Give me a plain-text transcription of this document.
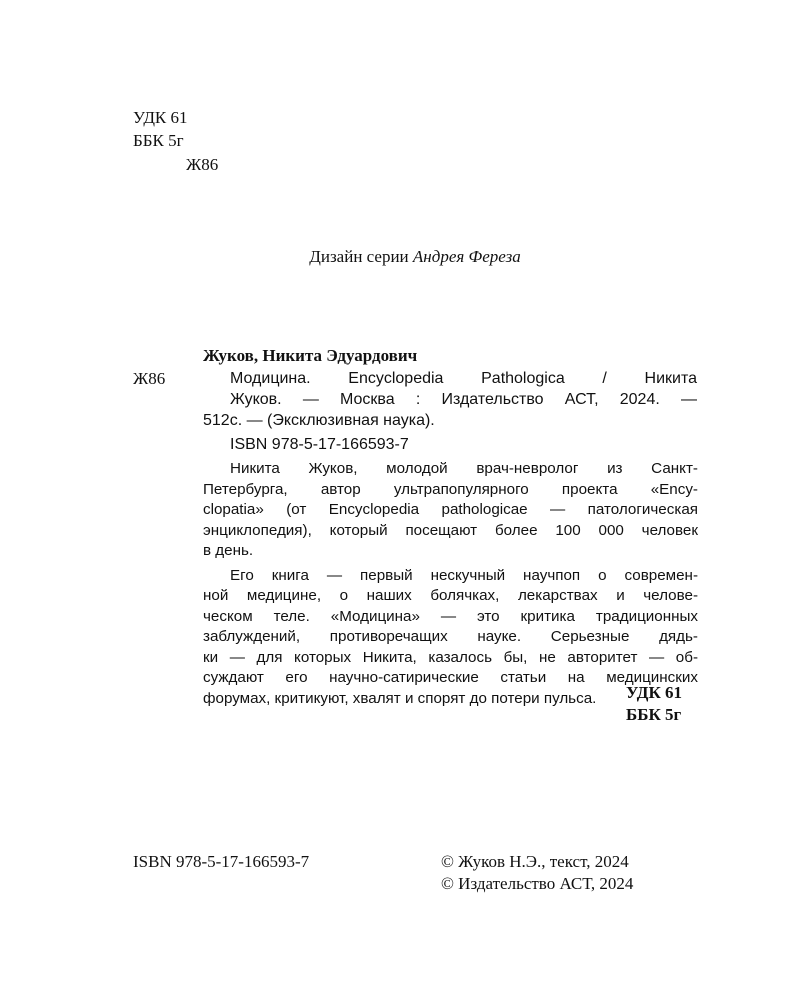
УДК 61
ББК 5г
Ж86
Дизайн серии Андрея Фереза
Жуков, Никита Эдуардович
Ж86	Модицина. Encyclopedia Pathologica / Никита
Жуков. — Москва : Издательство АСТ, 2024. —
512с. — (Эксклюзивная наука).
ISBN 978-5-17-166593-7
Никита Жуков, молодой врач-невролог из Санкт-
Петербурга, автор ультрапопулярного проекта «Ency-
clopatia» (от Encyclopedia pathologicae — патологическая
энциклопедия), который посещают более 100 000 человек
в день.
Его книга — первый нескучный научпоп о современ-
ной медицине, о наших болячках, лекарствах и челове-
ческом теле. «Модицина» — это критика традиционных
заблуждений, противоречащих науке. Серьезные дядь-
ки — для которых Никита, казалось бы, не авторитет — об-
суждают его научно-сатирические статьи на медицинских
форумах, критикуют, хвалят и спорят до потери пульса.	УДК 61
ББК 5г
ISBN 978-5-17-166593-7	© Жуков Н.Э., текст, 2024
© Издательство АСТ, 2024
